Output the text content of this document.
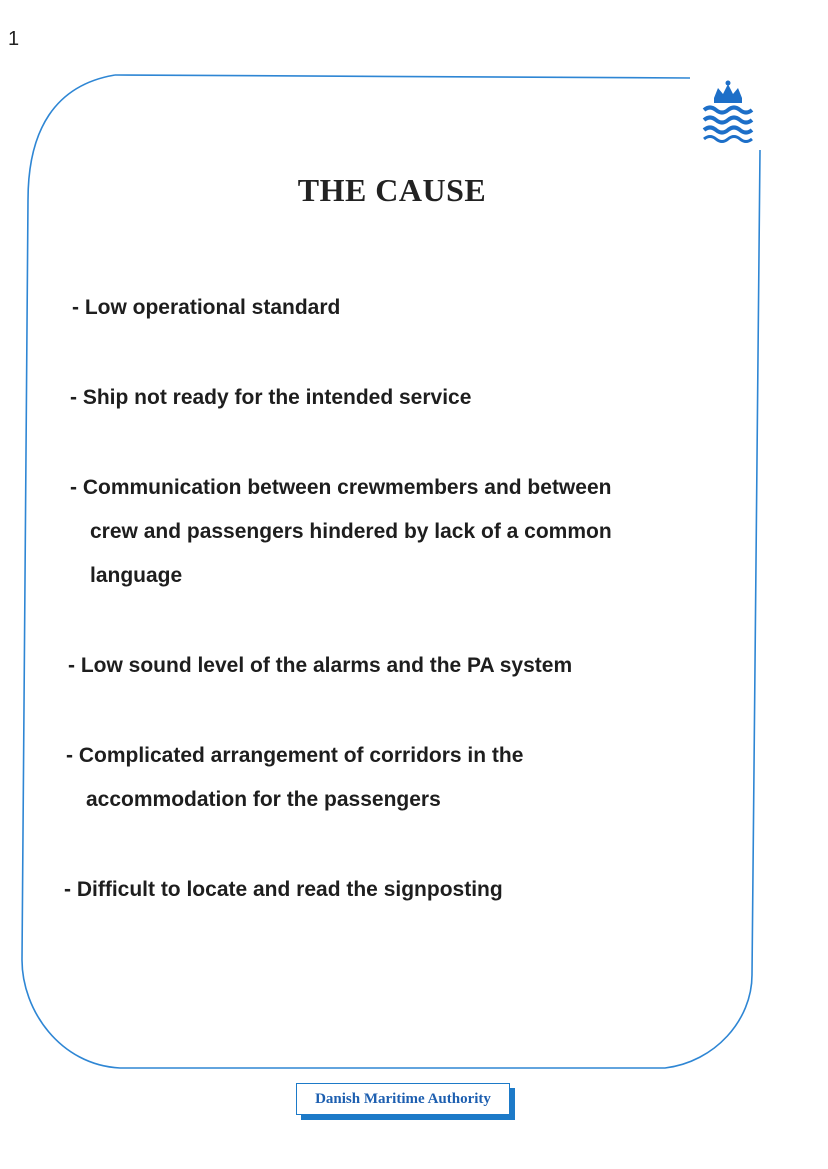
1
THE CAUSE
- Low operational standard
- Ship not ready for the intended service
- Communication between crewmembers and between
crew and passengers hindered by lack of a common
language
- Low sound level of the alarms and the PA system
- Complicated arrangement of corridors in the
accommodation for the passengers
- Difficult to locate and read the signposting
Danish Maritime Authority
